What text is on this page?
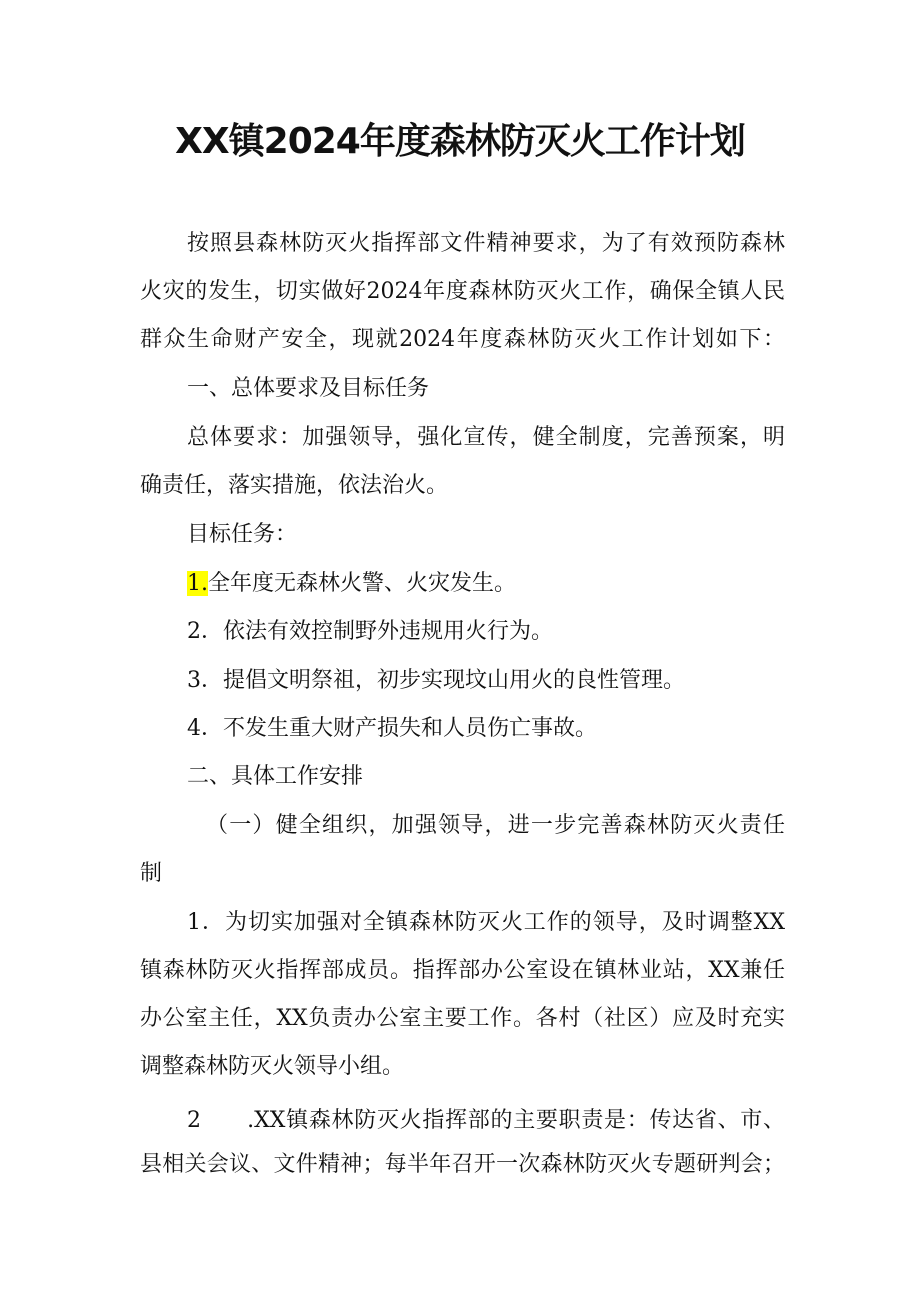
XX镇2024年度森林防灭火工作计划

按照县森林防灭火指挥部文件精神要求，为了有效预防森林

火灾的发生，切实做好2024年度森林防灭火工作，确保全镇人民

群众生命财产安全，现就2024年度森林防灭火工作计划如下：

一、总体要求及目标任务

总体要求：加强领导，强化宣传，健全制度，完善预案，明

确责任，落实措施，依法治火。

目标任务：

1.全年度无森林火警、火灾发生。

2．依法有效控制野外违规用火行为。

3．提倡文明祭祖，初步实现坟山用火的良性管理。

4．不发生重大财产损失和人员伤亡事故。

二、具体工作安排

（一）健全组织，加强领导，进一步完善森林防灭火责任

制

1．为切实加强对全镇森林防灭火工作的领导，及时调整XX

镇森林防灭火指挥部成员。指挥部办公室设在镇林业站，XX兼任

办公室主任，XX负责办公室主要工作。各村（社区）应及时充实

调整森林防灭火领导小组。

2　　.XX镇森林防灭火指挥部的主要职责是：传达省、市、

县相关会议、文件精神；每半年召开一次森林防灭火专题研判会；
